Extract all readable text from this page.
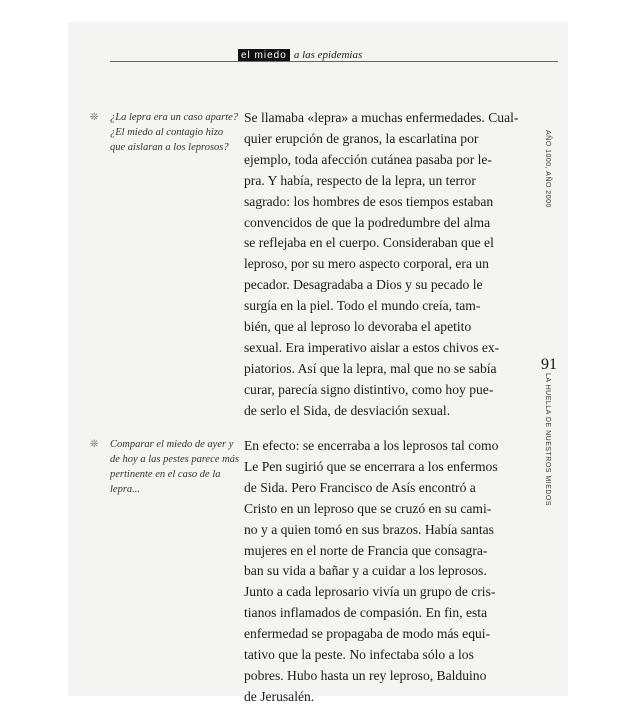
el miedo a las epidemias
❊ ¿La lepra era un caso aparte? ¿El miedo al contagio hizo que aislaran a los leprosos?
Se llamaba «lepra» a muchas enfermedades. Cual-
quier erupción de granos, la escarlatina por
ejemplo, toda afección cutánea pasaba por le-
pra. Y había, respecto de la lepra, un terror
sagrado: los hombres de esos tiempos estaban
convencidos de que la podredumbre del alma
se reflejaba en el cuerpo. Consideraban que el
leproso, por su mero aspecto corporal, era un
pecador. Desagradaba a Dios y su pecado le
surgía en la piel. Todo el mundo creía, tam-
bién, que al leproso lo devoraba el apetito
sexual. Era imperativo aislar a estos chivos ex-
piatorios. Así que la lepra, mal que no se sabía
curar, parecía signo distintivo, como hoy pue-
de serlo el Sida, de desviación sexual.
❊ Comparar el miedo de ayer y de hoy a las pestes parece más pertinente en el caso de la lepra...
En efecto: se encerraba a los leprosos tal como
Le Pen sugirió que se encerrara a los enfermos
de Sida. Pero Francisco de Asís encontró a
Cristo en un leproso que se cruzó en su cami-
no y a quien tomó en sus brazos. Había santas
mujeres en el norte de Francia que consagra-
ban su vida a bañar y a cuidar a los leprosos.
Junto a cada leprosario vivía un grupo de cris-
tianos inflamados de compasión. En fin, esta
enfermedad se propagaba de modo más equi-
tativo que la peste. No infectaba sólo a los
pobres. Hubo hasta un rey leproso, Balduino
de Jerusalén.
AÑO 1000, AÑO 2000
LA HUELLA DE NUESTROS MIEDOS
91
